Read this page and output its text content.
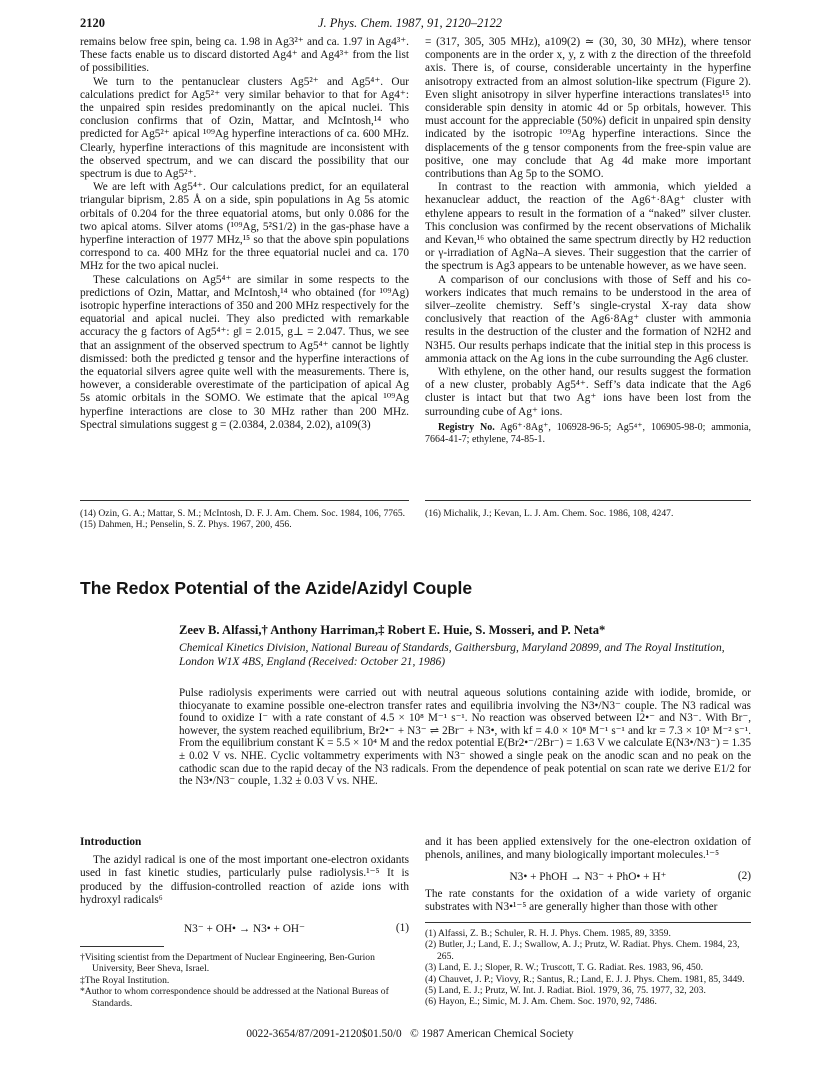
2120	J. Phys. Chem. 1987, 91, 2120–2122

remains below free spin, being ca. 1.98 in Ag3²⁺ and ca. 1.97 in Ag4³⁺. These facts enable us to discard distorted Ag4⁺ and Ag4³⁺ from the list of possibilities.

We turn to the pentanuclear clusters Ag5²⁺ and Ag5⁴⁺. Our calculations predict for Ag5²⁺ very similar behavior to that for Ag4⁺: the unpaired spin resides predominantly on the apical nuclei. This conclusion confirms that of Ozin, Mattar, and McIntosh,¹⁴ who predicted for Ag5²⁺ apical ¹⁰⁹Ag hyperfine interactions of ca. 600 MHz. Clearly, hyperfine interactions of this magnitude are inconsistent with the observed spectrum, and we can discard the possibility that our spectrum is due to Ag5²⁺.

We are left with Ag5⁴⁺. Our calculations predict, for an equilateral triangular biprism, 2.85 Å on a side, spin populations in Ag 5s atomic orbitals of 0.204 for the three equatorial atoms, but only 0.086 for the two apical atoms. Silver atoms (¹⁰⁹Ag, 5²S1/2) in the gas-phase have a hyperfine interaction of 1977 MHz,¹⁵ so that the above spin populations correspond to ca. 400 MHz for the three equatorial nuclei and ca. 170 MHz for the two apical nuclei.

These calculations on Ag5⁴⁺ are similar in some respects to the predictions of Ozin, Mattar, and McIntosh,¹⁴ who obtained (for ¹⁰⁹Ag) isotropic hyperfine interactions of 350 and 200 MHz respectively for the equatorial and apical nuclei. They also predicted with remarkable accuracy the g factors of Ag5⁴⁺: g‖ = 2.015, g⊥ = 2.047. Thus, we see that an assignment of the observed spectrum to Ag5⁴⁺ cannot be lightly dismissed: both the predicted g tensor and the hyperfine interactions of the equatorial silvers agree quite well with the measurements. There is, however, a considerable overestimate of the participation of apical Ag 5s atomic orbitals in the SOMO. We estimate that the apical ¹⁰⁹Ag hyperfine interactions are close to 30 MHz rather than 200 MHz. Spectral simulations suggest g = (2.0384, 2.0384, 2.02), a109(3)

= (317, 305, 305 MHz), a109(2) ≃ (30, 30, 30 MHz), where tensor components are in the order x, y, z with z the direction of the threefold axis. There is, of course, considerable uncertainty in the hyperfine anisotropy extracted from an almost solution-like spectrum (Figure 2). Even slight anisotropy in silver hyperfine interactions translates¹⁵ into considerable spin density in atomic 4d or 5p orbitals, however. This must account for the appreciable (50%) deficit in unpaired spin density indicated by the isotropic ¹⁰⁹Ag hyperfine interactions. Since the displacements of the g tensor components from the free-spin value are positive, one may conclude that Ag 4d make more important contributions than Ag 5p to the SOMO.

In contrast to the reaction with ammonia, which yielded a hexanuclear adduct, the reaction of the Ag6⁺·8Ag⁺ cluster with ethylene appears to result in the formation of a “naked” silver cluster. This conclusion was confirmed by the recent observations of Michalik and Kevan,¹⁶ who obtained the same spectrum directly by H2 reduction or γ-irradiation of AgNa–A sieves. Their suggestion that the carrier of the spectrum is Ag3 appears to be untenable however, as we have seen.

A comparison of our conclusions with those of Seff and his co-workers indicates that much remains to be understood in the area of silver–zeolite chemistry. Seff’s single-crystal X-ray data show conclusively that reaction of the Ag6·8Ag⁺ cluster with ammonia results in the destruction of the cluster and the formation of N2H2 and N3H5. Our results perhaps indicate that the initial step in this process is ammonia attack on the Ag ions in the cube surrounding the Ag6 cluster.

With ethylene, on the other hand, our results suggest the formation of a new cluster, probably Ag5⁴⁺. Seff’s data indicate that the Ag6 cluster is intact but that two Ag⁺ ions have been lost from the surrounding cube of Ag⁺ ions.

Registry No. Ag6⁺·8Ag⁺, 106928-96-5; Ag5⁴⁺, 106905-98-0; ammonia, 7664-41-7; ethylene, 74-85-1.

(14) Ozin, G. A.; Mattar, S. M.; McIntosh, D. F. J. Am. Chem. Soc. 1984, 106, 7765.

(15) Dahmen, H.; Penselin, S. Z. Phys. 1967, 200, 456.

(16) Michalik, J.; Kevan, L. J. Am. Chem. Soc. 1986, 108, 4247.

The Redox Potential of the Azide/Azidyl Couple
Zeev B. Alfassi,† Anthony Harriman,‡ Robert E. Huie, S. Mosseri, and P. Neta*
Chemical Kinetics Division, National Bureau of Standards, Gaithersburg, Maryland 20899, and The Royal Institution, London W1X 4BS, England (Received: October 21, 1986)
Pulse radiolysis experiments were carried out with neutral aqueous solutions containing azide with iodide, bromide, or thiocyanate to examine possible one-electron transfer rates and equilibria involving the N3•/N3⁻ couple. The N3 radical was found to oxidize I⁻ with a rate constant of 4.5 × 10⁸ M⁻¹ s⁻¹. No reaction was observed between I2•⁻ and N3⁻. With Br⁻, however, the system reached equilibrium, Br2•⁻ + N3⁻ ⇌ 2Br⁻ + N3•, with kf = 4.0 × 10⁸ M⁻¹ s⁻¹ and kr = 7.3 × 10³ M⁻² s⁻¹. From the equilibrium constant K = 5.5 × 10⁴ M and the redox potential E(Br2•⁻/2Br⁻) = 1.63 V we calculate E(N3•/N3⁻) = 1.35 ± 0.02 V vs. NHE. Cyclic voltammetry experiments with N3⁻ showed a single peak on the anodic scan and no peak on the cathodic scan due to the rapid decay of the N3 radicals. From the dependence of peak potential on scan rate we derive E1/2 for the N3•/N3⁻ couple, 1.32 ± 0.03 V vs. NHE.

Introduction

The azidyl radical is one of the most important one-electron oxidants used in fast kinetic studies, particularly pulse radiolysis.¹⁻⁵ It is produced by the diffusion-controlled reaction of azide ions with hydroxyl radicals⁶

N3⁻ + OH• → N3• + OH⁻	(1)

†Visiting scientist from the Department of Nuclear Engineering, Ben-Gurion University, Beer Sheva, Israel.

‡The Royal Institution.

*Author to whom correspondence should be addressed at the National Bureas of Standards.

and it has been applied extensively for the one-electron oxidation of phenols, anilines, and many biologically important molecules.¹⁻⁵

N3• + PhOH → N3⁻ + PhO• + H⁺	(2)

The rate constants for the oxidation of a wide variety of organic substrates with N3•¹⁻⁵ are generally higher than those with other

(1) Alfassi, Z. B.; Schuler, R. H. J. Phys. Chem. 1985, 89, 3359.

(2) Butler, J.; Land, E. J.; Swallow, A. J.; Prutz, W. Radiat. Phys. Chem. 1984, 23, 265.

(3) Land, E. J.; Sloper, R. W.; Truscott, T. G. Radiat. Res. 1983, 96, 450.

(4) Chauvet, J. P.; Viovy, R.; Santus, R.; Land, E. J. J. Phys. Chem. 1981, 85, 3449.

(5) Land, E. J.; Prutz, W. Int. J. Radiat. Biol. 1979, 36, 75. 1977, 32, 203.

(6) Hayon, E.; Simic, M. J. Am. Chem. Soc. 1970, 92, 7486.

0022-3654/87/2091-2120$01.50/0 © 1987 American Chemical Society
